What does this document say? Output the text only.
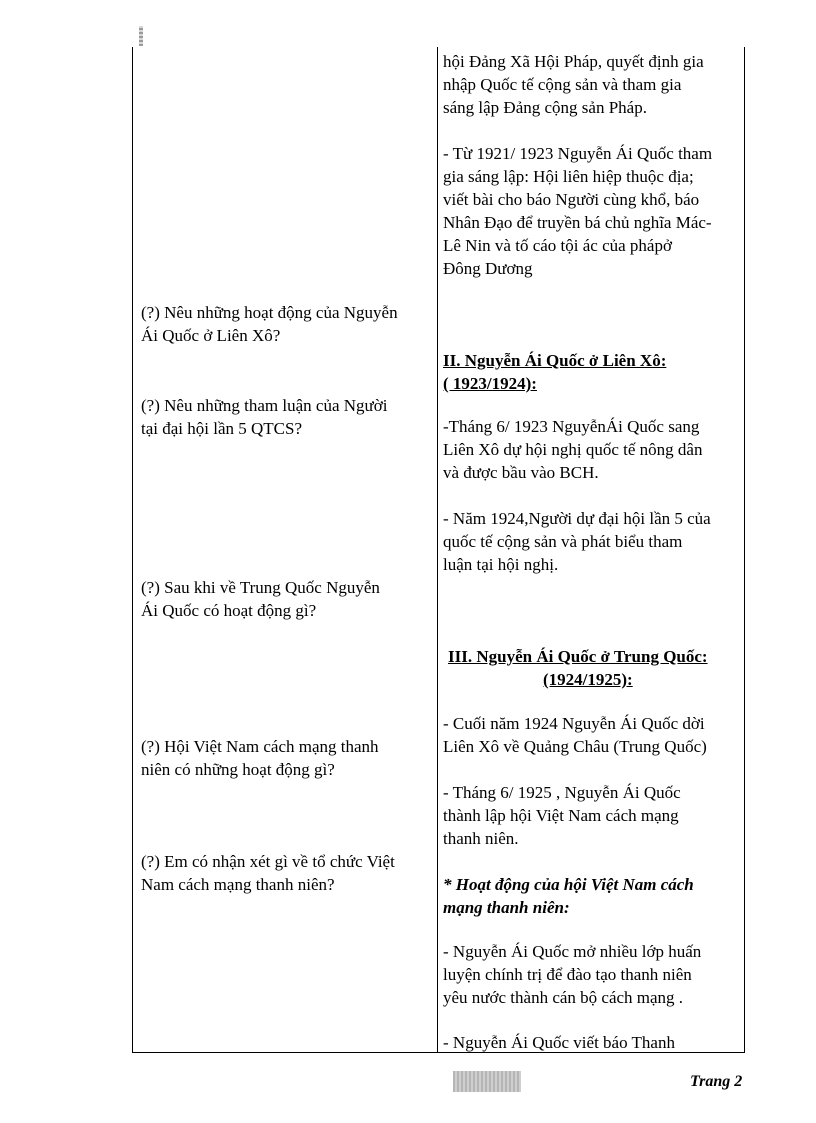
(?) Nêu những hoạt động của Nguyễn
Ái Quốc ở Liên Xô?
(?) Nêu những tham luận của Người
tại đại hội lần 5 QTCS?
(?) Sau khi về Trung Quốc Nguyễn
Ái Quốc có hoạt động gì?
(?) Hội Việt Nam cách mạng thanh
niên có những hoạt động gì?
(?) Em có nhận xét gì về tổ chức Việt
Nam cách mạng thanh niên?
hội Đảng Xã Hội Pháp, quyết định gia
nhập Quốc tế cộng sản và tham gia
sáng lập Đảng cộng sản Pháp.
- Từ 1921/ 1923 Nguyễn Ái Quốc tham
gia sáng lập: Hội liên hiệp thuộc địa;
viết bài cho báo Người cùng khổ, báo
Nhân Đạo để truyền bá chủ nghĩa Mác-
Lê Nin và tố cáo tội ác của phápở
Đông Dương
II. Nguyễn Ái Quốc ở Liên Xô:
( 1923/1924):
-Tháng 6/ 1923 NguyễnÁi Quốc sang
Liên Xô dự hội nghị quốc tế nông dân
và được bầu vào BCH.
- Năm 1924,Người dự đại hội lần 5 của
quốc tế cộng sản và phát biểu tham
luận tại hội nghị.
III. Nguyễn Ái Quốc ở Trung Quốc:
(1924/1925):
- Cuối năm 1924 Nguyễn Ái Quốc dời
Liên Xô về Quảng Châu (Trung Quốc)
- Tháng 6/ 1925 , Nguyễn Ái Quốc
thành lập hội Việt Nam cách mạng
thanh niên.
* Hoạt động của hội Việt Nam cách
mạng thanh niên:
- Nguyễn Ái Quốc mở nhiều lớp huấn
luyện chính trị để đào tạo thanh niên
yêu nước thành cán bộ cách mạng .
- Nguyễn Ái Quốc viết báo Thanh
Trang 2
